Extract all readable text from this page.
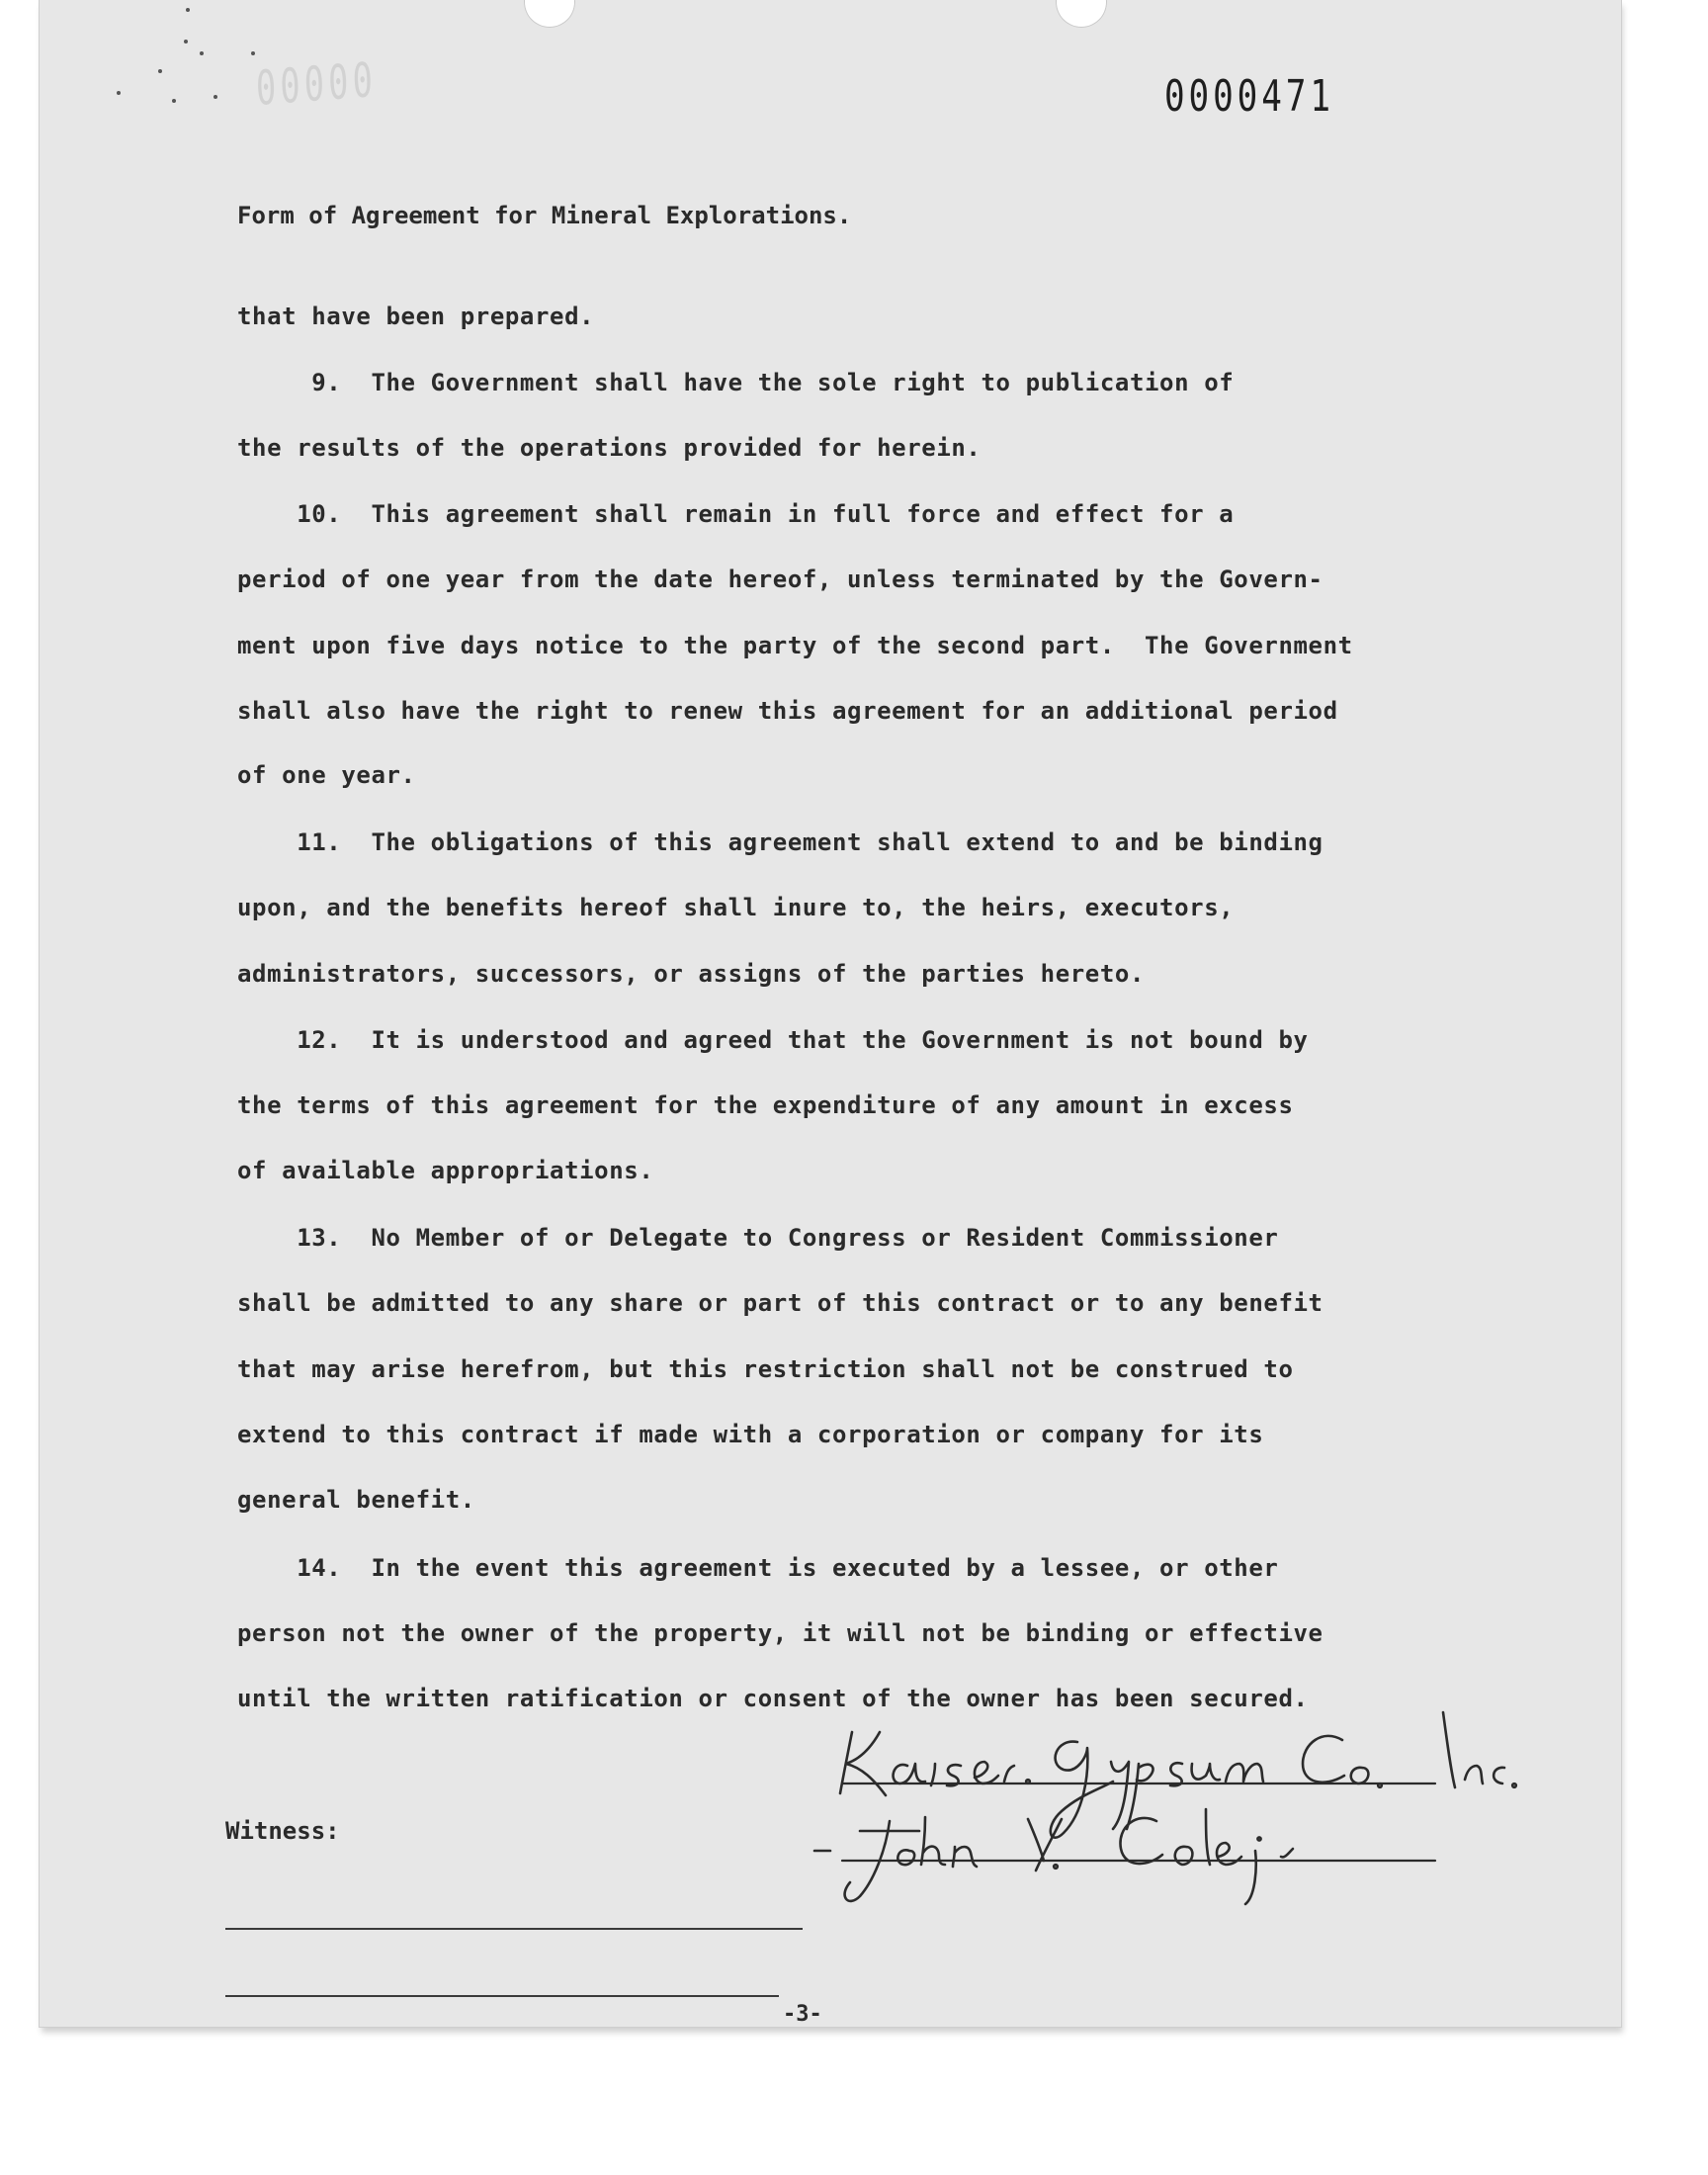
00000	0000471
Form of Agreement for Mineral Explorations.
that have been prepared.
9.  The Government shall have the sole right to publication of
the results of the operations provided for herein.
10.  This agreement shall remain in full force and effect for a
period of one year from the date hereof, unless terminated by the Govern-
ment upon five days notice to the party of the second part.  The Government
shall also have the right to renew this agreement for an additional period
of one year.
11.  The obligations of this agreement shall extend to and be binding
upon, and the benefits hereof shall inure to, the heirs, executors,
administrators, successors, or assigns of the parties hereto.
12.  It is understood and agreed that the Government is not bound by
the terms of this agreement for the expenditure of any amount in excess
of available appropriations.
13.  No Member of or Delegate to Congress or Resident Commissioner
shall be admitted to any share or part of this contract or to any benefit
that may arise herefrom, but this restriction shall not be construed to
extend to this contract if made with a corporation or company for its
general benefit.
14.  In the event this agreement is executed by a lessee, or other
person not the owner of the property, it will not be binding or effective
until the written ratification or consent of the owner has been secured.
Witness:
-3-
